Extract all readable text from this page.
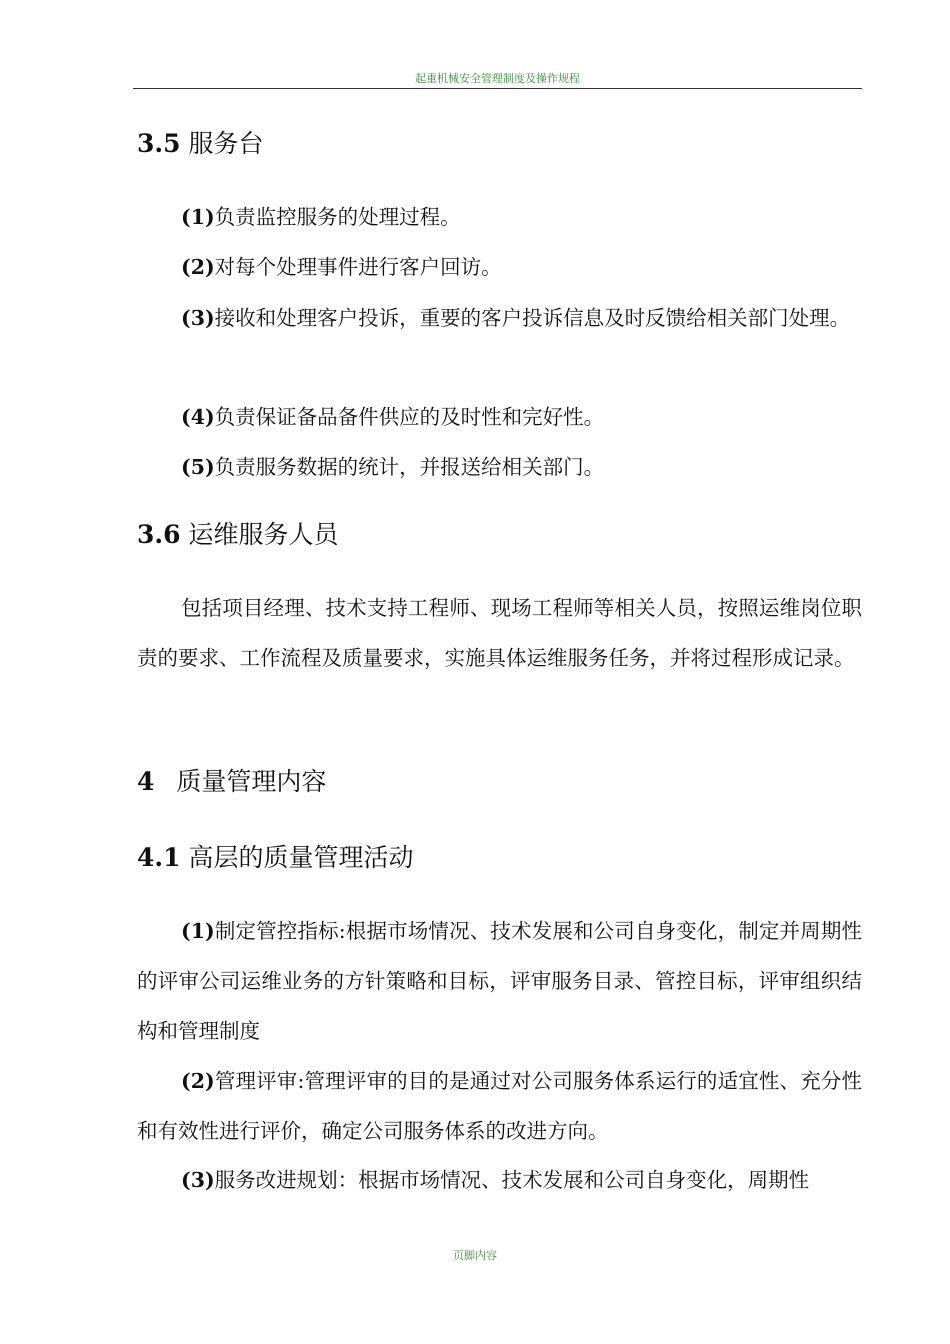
起重机械安全管理制度及操作规程
3.5 服务台
(1)负责监控服务的处理过程。
(2)对每个处理事件进行客户回访。
(3)接收和处理客户投诉，重要的客户投诉信息及时反馈给相关部门处理。
(4)负责保证备品备件供应的及时性和完好性。
(5)负责服务数据的统计，并报送给相关部门。
3.6 运维服务人员
包括项目经理、技术支持工程师、现场工程师等相关人员，按照运维岗位职责的要求、工作流程及质量要求，实施具体运维服务任务，并将过程形成记录。
4 质量管理内容
4.1 高层的质量管理活动
(1)制定管控指标:根据市场情况、技术发展和公司自身变化，制定并周期性的评审公司运维业务的方针策略和目标，评审服务目录、管控目标，评审组织结构和管理制度
(2)管理评审:管理评审的目的是通过对公司服务体系运行的适宜性、充分性和有效性进行评价，确定公司服务体系的改进方向。
(3)服务改进规划：根据市场情况、技术发展和公司自身变化，周期性
页脚内容
